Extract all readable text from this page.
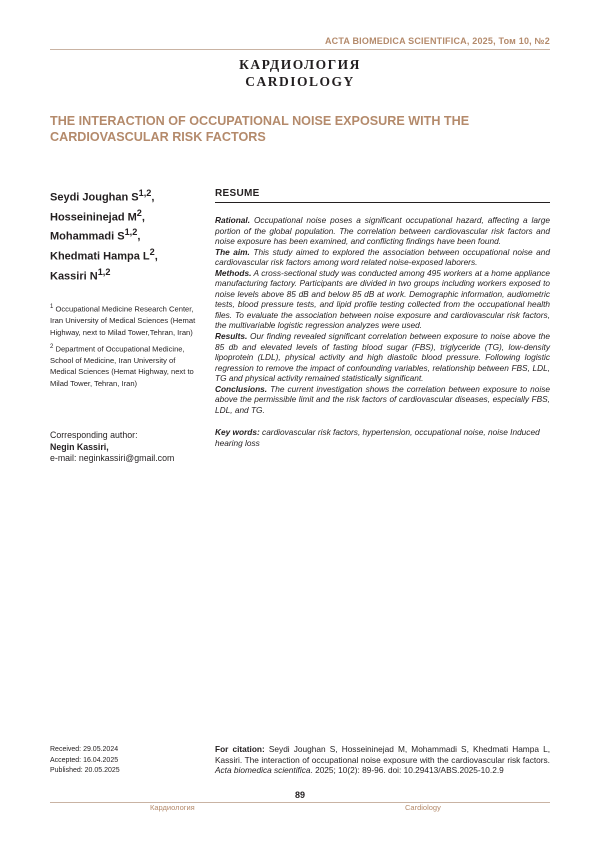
ACTA BIOMEDICA SCIENTIFICA, 2025, Том 10, №2
КАРДИОЛОГИЯ
CARDIOLOGY
THE INTERACTION OF OCCUPATIONAL NOISE EXPOSURE WITH THE CARDIOVASCULAR RISK FACTORS
Seydi Joughan S1,2,
Hosseininejad M2,
Mohammadi S1,2,
Khedmati Hampa L2,
Kassiri N1,2

1 Occupational Medicine Research Center, Iran University of Medical Sciences (Hemat Highway, next to Milad Tower,Tehran, Iran)

2 Department of Occupational Medicine, School of Medicine, Iran University of Medical Sciences (Hemat Highway, next to Milad Tower, Tehran, Iran)

Corresponding author:
Negin Kassiri,
e-mail: neginkassiri@gmail.com
RESUME

Rational. Occupational noise poses a significant occupational hazard, affecting a large portion of the global population. The correlation between cardiovascular risk factors and noise exposure has been examined, and conflicting findings have been found.

The aim. This study aimed to explored the association between occupational noise and cardiovascular risk factors among word related noise-exposed laborers.

Methods. A cross-sectional study was conducted among 495 workers at a home appliance manufacturing factory. Participants are divided in two groups including workers exposed to noise levels above 85 dB and below 85 dB at work. Demographic information, audiometric tests, blood pressure tests, and lipid profile testing collected from the occupational health files. To evaluate the association between noise exposure and cardiovascular risk factors, the multivariable logistic regression analyzes were used.

Results. Our finding revealed significant correlation between exposure to noise above the 85 db and elevated levels of fasting blood sugar (FBS), triglyceride (TG), low-density lipoprotein (LDL), physical activity and high diastolic blood pressure. Following logistic regression to remove the impact of confounding variables, relationship between FBS, LDL, TG and physical activity remained statistically significant.

Conclusions. The current investigation shows the correlation between exposure to noise above the permissible limit and the risk factors of cardiovascular diseases, especially FBS, LDL, and TG.

Key words: cardiovascular risk factors, hypertension, occupational noise, noise Induced hearing loss
Received: 29.05.2024
Accepted: 16.04.2025
Published: 20.05.2025
For citation: Seydi Joughan S, Hosseininejad M, Mohammadi S, Khedmati Hampa L, Kassiri. The interaction of occupational noise exposure with the cardiovascular risk factors. Acta biomedica scientifica. 2025; 10(2): 89-96. doi: 10.29413/ABS.2025-10.2.9
89
Кардиология	Cardiology
